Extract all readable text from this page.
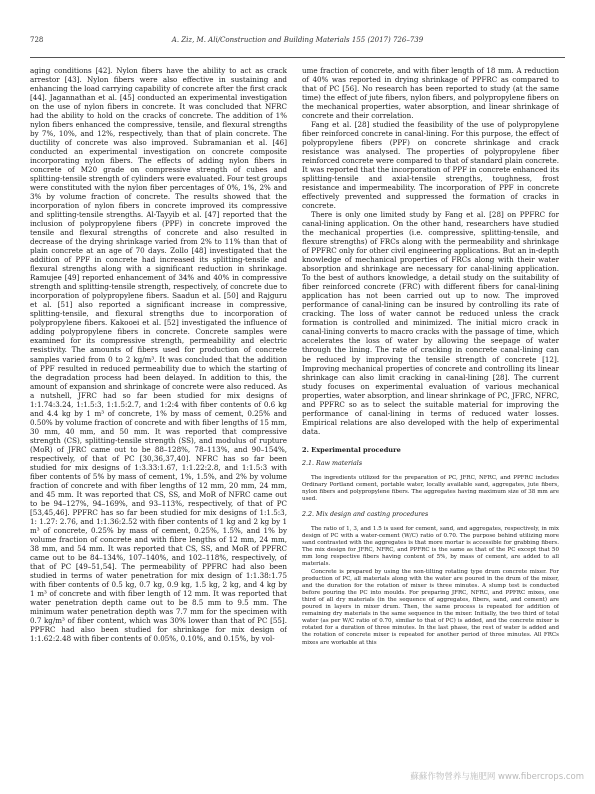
728	A. Ziz, M. Ali/Construction and Building Materials 155 (2017) 726–739

aging conditions [42]. Nylon fibers have the ability to act as crack arrestor [43]. Nylon fibers were also effective in sustaining and enhancing the load carrying capability of concrete after the first crack [44]. Jagannathan et al. [45] conducted an experimental investigation on the use of nylon fibers in concrete. It was concluded that NFRC had the ability to hold on the cracks of concrete. The addition of 1% nylon fibers enhanced the compressive, tensile, and flexural strengths by 7%, 10%, and 12%, respectively, than that of plain concrete. The ductility of concrete was also improved. Subramanian et al. [46] conducted an experimental investigation on concrete composite incorporating nylon fibers. The effects of adding nylon fibers in concrete of M20 grade on compressive strength of cubes and splitting-tensile strength of cylinders were evaluated. Four test groups were constituted with the nylon fiber percentages of 0%, 1%, 2% and 3% by volume fraction of concrete. The results showed that the incorporation of nylon fibers in concrete improved its compressive and splitting-tensile strengths. Al-Tayyib et al. [47] reported that the inclusion of polypropylene fibers (PPF) in concrete improved the tensile and flexural strengths of concrete and also resulted in decrease of the drying shrinkage varied from 2% to 11% than that of plain concrete at an age of 70 days. Zollo [48] investigated that the addition of PPF in concrete had increased its splitting-tensile and flexural strengths along with a significant reduction in shrinkage. Ramujee [49] reported enhancement of 34% and 40% in compressive strength and splitting-tensile strength, respectively, of concrete due to incorporation of polypropylene fibers. Saadun et al. [50] and Rajguru et al. [51] also reported a significant increase in compressive, splitting-tensile, and flexural strengths due to incorporation of polypropylene fibers. Kakooei et al. [52] investigated the influence of adding polypropylene fibers in concrete. Concrete samples were examined for its compressive strength, permeability and electric resistivity. The amounts of fibers used for production of concrete samples varied from 0 to 2 kg/m³. It was concluded that the addition of PPF resulted in reduced permeability due to which the starting of the degradation process had been delayed. In addition to this, the amount of expansion and shrinkage of concrete were also reduced. As a nutshell, JFRC had so far been studied for mix designs of 1:1.74:3.24, 1:1.5:3, 1:1.5:2.7, and 1:2:4 with fiber contents of 0.6 kg and 4.4 kg by 1 m³ of concrete, 1% by mass of cement, 0.25% and 0.50% by volume fraction of concrete and with fiber lengths of 15 mm, 30 mm, 40 mm, and 50 mm. It was reported that compressive strength (CS), splitting-tensile strength (SS), and modulus of rupture (MoR) of JFRC came out to be 88–128%, 78–113%, and 90–154%, respectively, of that of PC [30,36,37,40]. NFRC has so far been studied for mix designs of 1:3.33:1.67, 1:1.22:2.8, and 1:1.5:3 with fiber contents of 5% by mass of cement, 1%, 1.5%, and 2% by volume fraction of concrete and with fiber lengths of 12 mm, 20 mm, 24 mm, and 45 mm. It was reported that CS, SS, and MoR of NFRC came out to be 94–127%, 94–169%, and 93–113%, respectively, of that of PC [53,45,46]. PPFRC has so far been studied for mix designs of 1:1.5:3, 1: 1.27: 2.76, and 1:1.36:2.52 with fiber contents of 1 kg and 2 kg by 1 m³ of concrete, 0.25% by mass of cement, 0.25%, 1.5%, and 1% by volume fraction of concrete and with fibre lengths of 12 mm, 24 mm, 38 mm, and 54 mm. It was reported that CS, SS, and MoR of PPFRC came out to be 84–134%, 107–140%, and 102–118%, respectively, of that of PC [49–51,54]. The permeability of PPFRC had also been studied in terms of water penetration for mix design of 1:1.38:1.75 with fiber contents of 0.5 kg, 0.7 kg, 0.9 kg, 1.5 kg, 2 kg, and 4 kg by 1 m³ of concrete and with fiber length of 12 mm. It was reported that water penetration depth came out to be 8.5 mm to 9.5 mm. The minimum water penetration depth was 7.7 mm for the specimen with 0.7 kg/m³ of fiber content, which was 30% lower than that of PC [55]. PPFRC had also been studied for shrinkage for mix design of 1:1.62:2.48 with fiber contents of 0.05%, 0.10%, and 0.15%, by vol-

ume fraction of concrete, and with fiber length of 18 mm. A reduction of 40% was reported in drying shrinkage of PPFRC as compared to that of PC [56]. No research has been reported to study (at the same time) the effect of jute fibers, nylon fibers, and polypropylene fibers on the mechanical properties, water absorption, and linear shrinkage of concrete and their correlation.

Fang et al. [28] studied the feasibility of the use of polypropylene fiber reinforced concrete in canal-lining. For this purpose, the effect of polypropylene fibers (PPF) on concrete shrinkage and crack resistance was analysed. The properties of polypropylene fiber reinforced concrete were compared to that of standard plain concrete. It was reported that the incorporation of PPF in concrete enhanced its splitting-tensile and axial-tensile strengths, toughness, frost resistance and impermeability. The incorporation of PPF in concrete effectively prevented and suppressed the formation of cracks in concrete.

There is only one limited study by Fang et al. [28] on PPFRC for canal-lining application. On the other hand, researchers have studied the mechanical properties (i.e. compressive, splitting-tensile, and flexure strengths) of FRCs along with the permeability and shrinkage of PPFRC only for other civil engineering applications. But an in-depth knowledge of mechanical properties of FRCs along with their water absorption and shrinkage are necessary for canal-lining application. To the best of authors knowledge, a detail study on the suitability of fiber reinforced concrete (FRC) with different fibers for canal-lining application has not been carried out up to now. The improved performance of canal-lining can be insured by controlling its rate of cracking. The loss of water cannot be reduced unless the crack formation is controlled and minimized. The initial micro crack in canal-lining converts to macro cracks with the passage of time, which accelerates the loss of water by allowing the seepage of water through the lining. The rate of cracking in concrete canal-lining can be reduced by improving the tensile strength of concrete [12]. Improving mechanical properties of concrete and controlling its linear shrinkage can also limit cracking in canal-lining [28]. The current study focuses on experimental evaluation of various mechanical properties, water absorption, and linear shrinkage of PC, JFRC, NFRC, and PPFRC so as to select the suitable material for improving the performance of canal-lining in terms of reduced water losses. Empirical relations are also developed with the help of experimental data.

2. Experimental procedure
2.1. Raw materials

The ingredients utilized for the preparation of PC, JFRC, NFRC, and PPFRC includes Ordinary Portland cement, portable water, locally available sand, aggregates, jute fibers, nylon fibers and polypropylene fibers. The aggregates having maximum size of 38 mm are used.

2.2. Mix design and casting procedures

The ratio of 1, 3, and 1.5 is used for cement, sand, and aggregates, respectively, in mix design of PC with a water-cement (W/C) ratio of 0.70. The purpose behind utilizing more sand contrasted with the aggregates is that more mortar is accessible for grabbing fibers. The mix design for JFRC, NFRC, and PPFRC is the same as that of the PC except that 50 mm long respective fibers having content of 5%, by mass of cement, are added to all materials.

Concrete is prepared by using the non-tilting rotating type drum concrete mixer. For production of PC, all materials along with the water are poured in the drum of the mixer, and the duration for the rotation of mixer is three minutes. A slump test is conducted before pouring the PC into moulds. For preparing JFRC, NFRC, and PPFRC mixes, one third of all dry materials (in the sequence of aggregates, fibers, sand, and cement) are poured in layers in mixer drum. Then, the same process is repeated for addition of remaining dry materials in the same sequence in the mixer. Initially, the two third of total water (as per W/C ratio of 0.70, similar to that of PC) is added, and the concrete mixer is rotated for a duration of three minutes. In the last phase, the rest of water is added and the rotation of concrete mixer is repeated for another period of three minutes. All FRCs mixes are workable at this

蘇蘇作物營养与施肥网 www.fibercrops.com
